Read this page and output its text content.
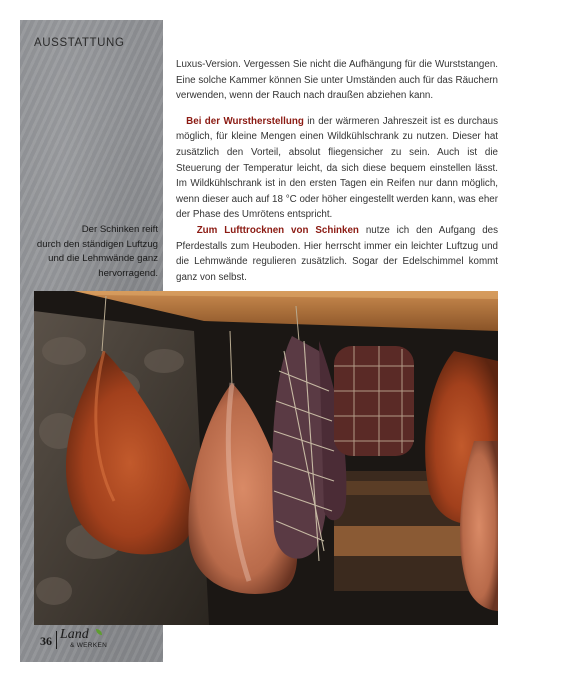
AUSSTATTUNG
Der Schinken reift
durch den ständigen Luftzug
und die Lehmwände ganz
hervorragend.

Luxus-Version. Vergessen Sie nicht die Aufhängung für die Wurststangen. Eine solche Kammer können Sie unter Umständen auch für das Räuchern verwenden, wenn der Rauch nach draußen abziehen kann.

Bei der Wurstherstellung in der wärmeren Jahreszeit ist es durchaus möglich, für kleine Mengen einen Wildkühlschrank zu nutzen. Dieser hat zusätzlich den Vorteil, absolut fliegensicher zu sein. Auch ist die Steuerung der Temperatur leicht, da sich diese bequem einstellen lässt. Im Wildkühlschrank ist in den ersten Tagen ein Reifen nur dann möglich, wenn dieser auch auf 18 °C oder höher eingestellt werden kann, was eher der Phase des Umrötens entspricht.

Zum Lufttrocknen von Schinken nutze ich den Aufgang des Pferdestalls zum Heuboden. Hier herrscht immer ein leichter Luftzug und die Lehmwände regulieren zusätzlich. Sogar der Edelschimmel kommt ganz von selbst.

36 Land
& WERKEN
